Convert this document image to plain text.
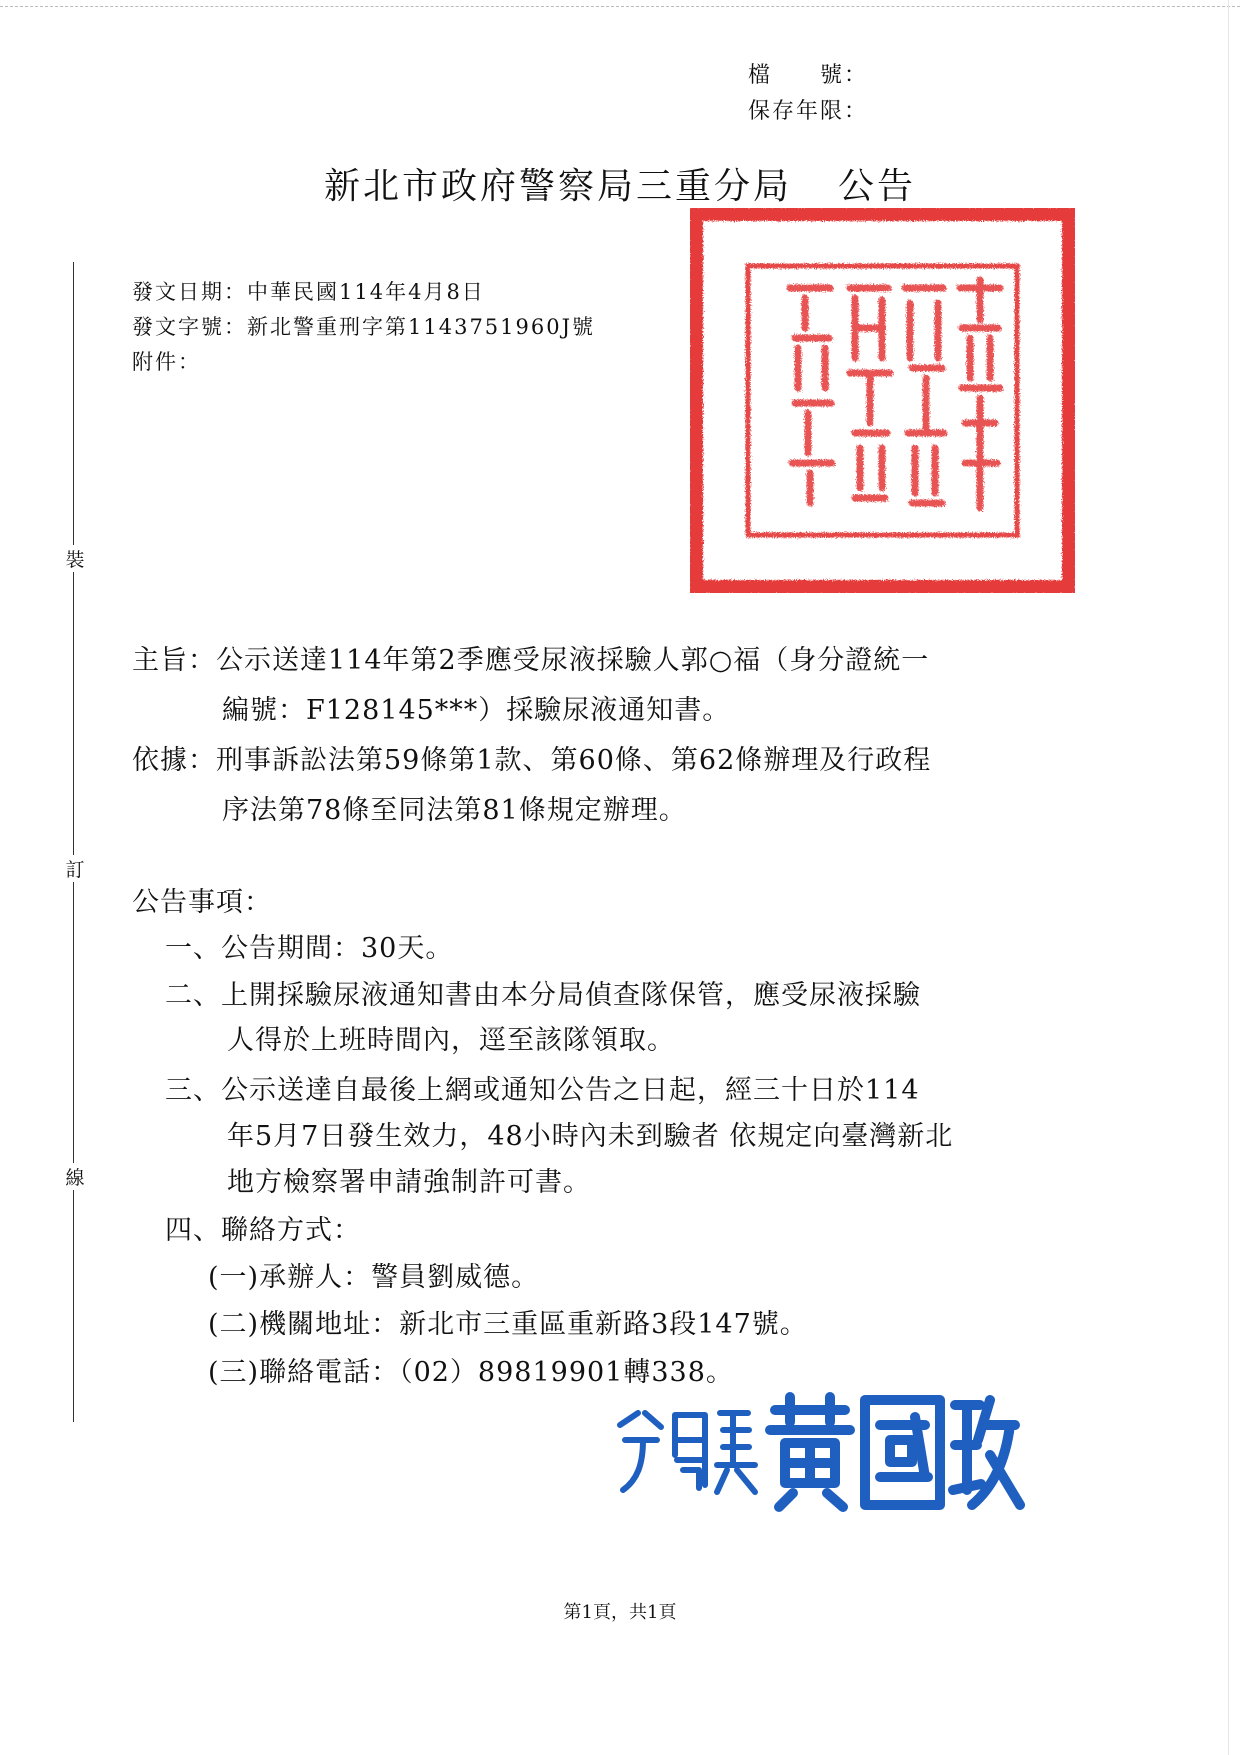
檔　　號：
保存年限：
新北市政府警察局三重分局 公告
裝
訂
線
發文日期：中華民國114年4月8日
發文字號：新北警重刑字第1143751960J號
附件：
主旨：公示送達114年第2季應受尿液採驗人郭○福（身分證統一
編號：F128145***）採驗尿液通知書。
依據：刑事訴訟法第59條第1款、第60條、第62條辦理及行政程
序法第78條至同法第81條規定辦理。
公告事項：
一、公告期間：30天。
二、上開採驗尿液通知書由本分局偵查隊保管，應受尿液採驗
人得於上班時間內，逕至該隊領取。
三、公示送達自最後上網或通知公告之日起，經三十日於114
年5月7日發生效力，48小時內未到驗者 依規定向臺灣新北
地方檢察署申請強制許可書。
四、聯絡方式：
(一)承辦人：警員劉威德。
(二)機關地址：新北市三重區重新路3段147號。
(三)聯絡電話：（02）89819901轉338。
第1頁，共1頁
